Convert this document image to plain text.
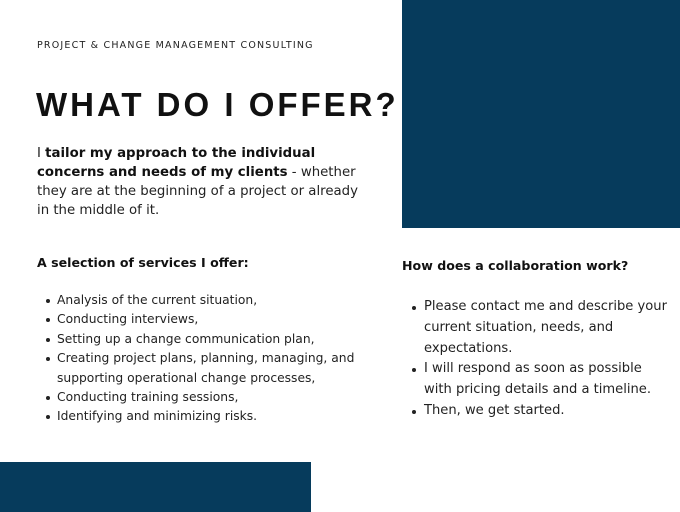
PROJECT & CHANGE MANAGEMENT CONSULTING
WHAT DO I OFFER?

I tailor my approach to the individual concerns and needs of my clients - whether they are at the beginning of a project or already in the middle of it.

A selection of services I offer:
Analysis of the current situation,
Conducting interviews,
Setting up a change communication plan,
Creating project plans, planning, managing, and supporting operational change processes,
Conducting training sessions,
Identifying and minimizing risks.
How does a collaboration work?
Please contact me and describe your current situation, needs, and expectations.
I will respond as soon as possible with pricing details and a timeline.
Then, we get started.
